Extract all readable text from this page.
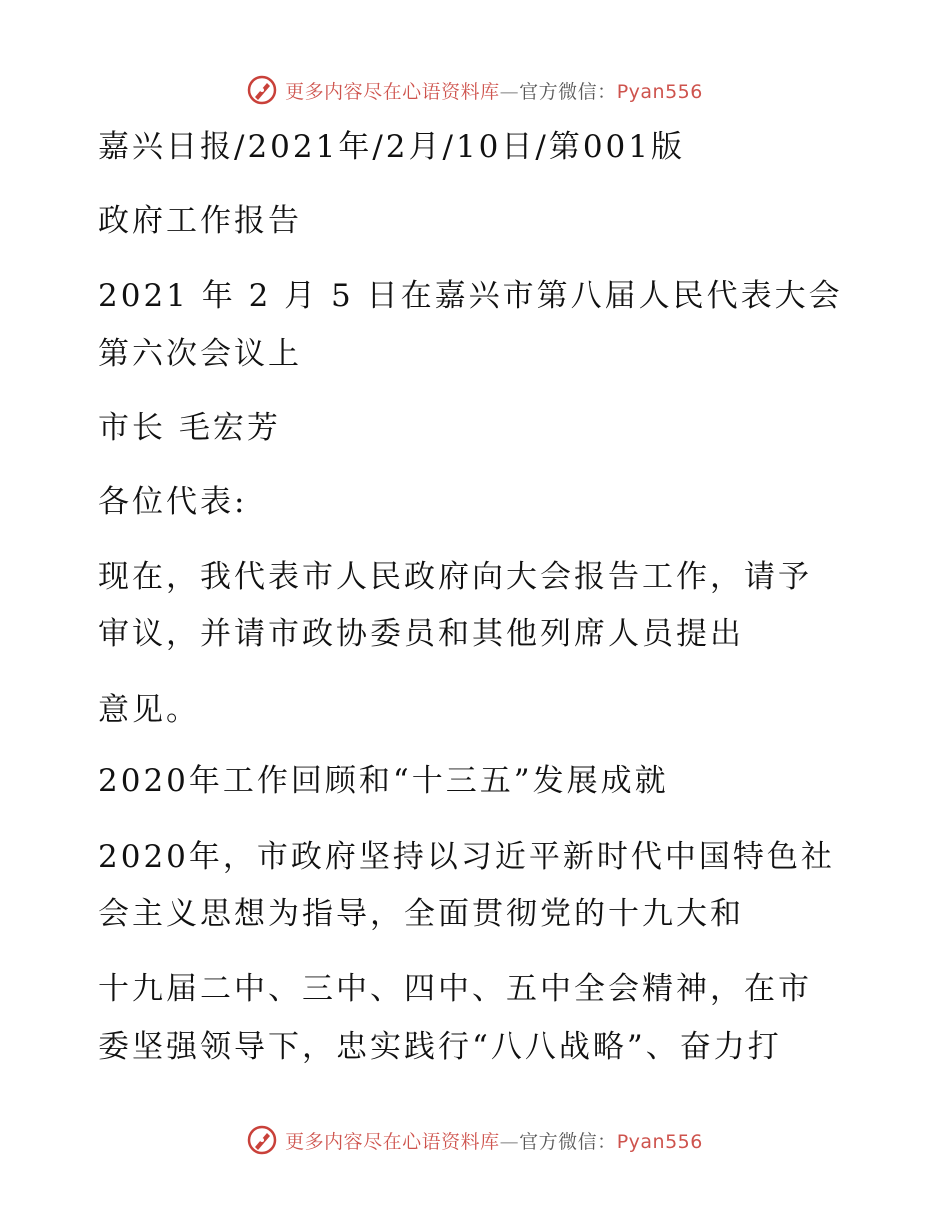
更多内容尽在心语资料库—官方微信：Pyan556
嘉兴日报/2021年/2月/10日/第001版
政府工作报告
2021 年 2 月 5 日在嘉兴市第八届人民代表大会
第六次会议上
市长 毛宏芳
各位代表:
现在，我代表市人民政府向大会报告工作，请予
审议，并请市政协委员和其他列席人员提出
意见。
2020年工作回顾和“十三五”发展成就
2020年，市政府坚持以习近平新时代中国特色社
会主义思想为指导，全面贯彻党的十九大和
十九届二中、三中、四中、五中全会精神，在市
委坚强领导下，忠实践行“八八战略”、奋力打
更多内容尽在心语资料库—官方微信：Pyan556
